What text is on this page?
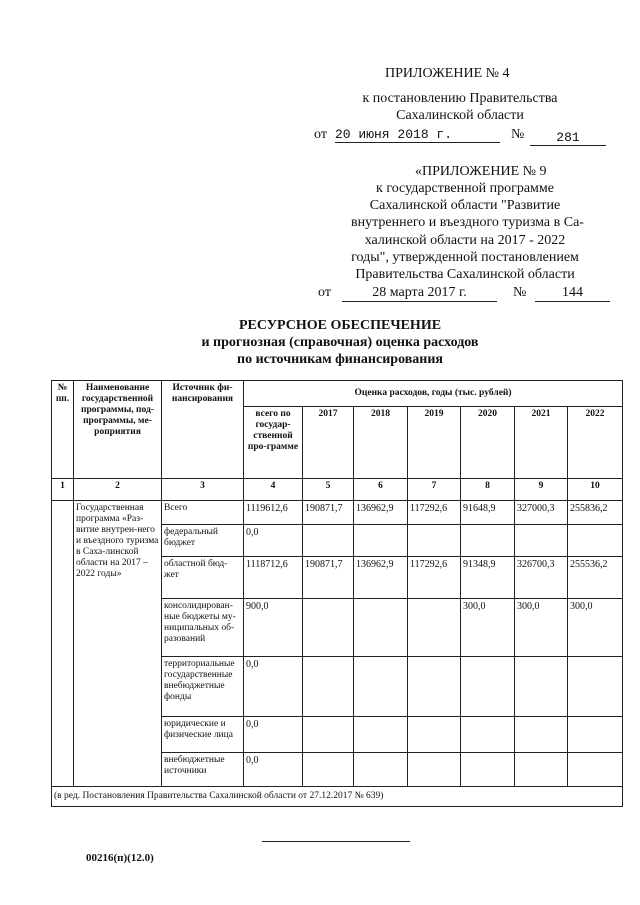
ПРИЛОЖЕНИЕ № 4
к постановлению Правительства
Сахалинской области
от 20 июня 2018 г.	№	281
«ПРИЛОЖЕНИЕ № 9
к государственной программе
Сахалинской области "Развитие
внутреннего и въездного туризма в Са-
халинской области на 2017 - 2022
годы", утвержденной постановлением
Правительства Сахалинской области
от	28 марта 2017 г.	№	144
РЕСУРСНОЕ ОБЕСПЕЧЕНИЕ
и прогнозная (справочная) оценка расходов
по источникам финансирования
№ пп.	Наименование государственной программы, под-программы, ме-роприятия	Источник фи-нансирования	Оценка расходов, годы (тыс. рублей)						
			всего по государ-ственной про-грамме	2017	2018	2019	2020	2021	2022
1	2	3	4	5	6	7	8	9	10
	Государственная программа «Раз-витие внутрен-него и въездного туризма в Саха-линской области на 2017 – 2022 годы»	Всего	1119612,6	190871,7	136962,9	117292,6	91648,9	327000,3	255836,2
		федеральный бюджет	0,0						
		областной бюд-жет	1118712,6	190871,7	136962,9	117292,6	91348,9	326700,3	255536,2
		консолидирован-ные бюджеты му-ниципальных об-разований	900,0				300,0	300,0	300,0
		территориальные государственные внебюджетные фонды	0,0						
		юридические и физические лица	0,0						
		внебюджетные источники	0,0						
(в ред. Постановления Правительства Сахалинской области от 27.12.2017 № 639)									
00216(п)(12.0)
